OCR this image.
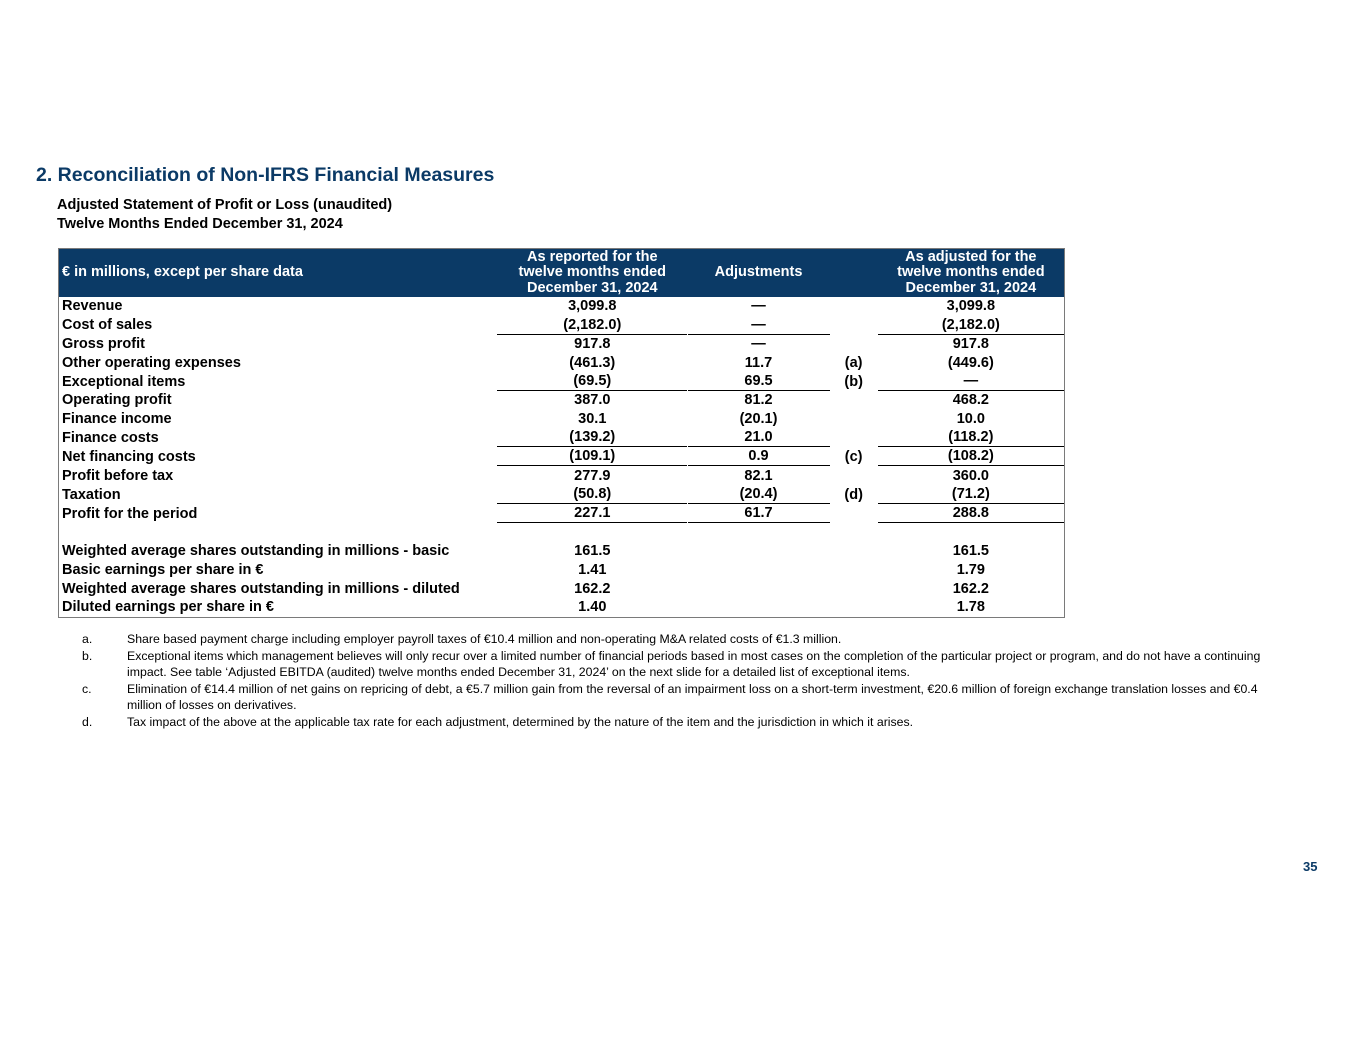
2. Reconciliation of Non-IFRS Financial Measures
Adjusted Statement of Profit or Loss (unaudited)
Twelve Months Ended December 31, 2024
€ in millions, except per share data	As reported for the
twelve months ended
December 31, 2024	Adjustments		As adjusted for the
twelve months ended
December 31, 2024
Revenue	3,099.8	—		3,099.8

Cost of sales	(2,182.0)	—		(2,182.0)

Gross profit	917.8	—		917.8

Other operating expenses	(461.3)	11.7	(a)	(449.6)

Exceptional items	(69.5)	69.5	(b)	—

Operating profit	387.0	81.2		468.2

Finance income	30.1	(20.1)		10.0

Finance costs	(139.2)	21.0		(118.2)

Net financing costs	(109.1)	0.9	(c)	(108.2)

Profit before tax	277.9	82.1		360.0

Taxation	(50.8)	(20.4)	(d)	(71.2)

Profit for the period	227.1	61.7		288.8

Weighted average shares outstanding in millions - basic	161.5			161.5
Basic earnings per share in €	1.41			1.79
Weighted average shares outstanding in millions - diluted	162.2			162.2
Diluted earnings per share in €	1.40			1.78
a.	Share based payment charge including employer payroll taxes of €10.4 million and non-operating M&A related costs of €1.3 million.
b.	Exceptional items which management believes will only recur over a limited number of financial periods based in most cases on the completion of the particular project or program, and do not have a continuing impact. See table ‘Adjusted EBITDA (audited) twelve months ended December 31, 2024’ on the next slide for a detailed list of exceptional items.
c.	Elimination of €14.4 million of net gains on repricing of debt, a €5.7 million gain from the reversal of an impairment loss on a short-term investment, €20.6 million of foreign exchange translation losses and €0.4 million of losses on derivatives.
d.	Tax impact of the above at the applicable tax rate for each adjustment, determined by the nature of the item and the jurisdiction in which it arises.
35
